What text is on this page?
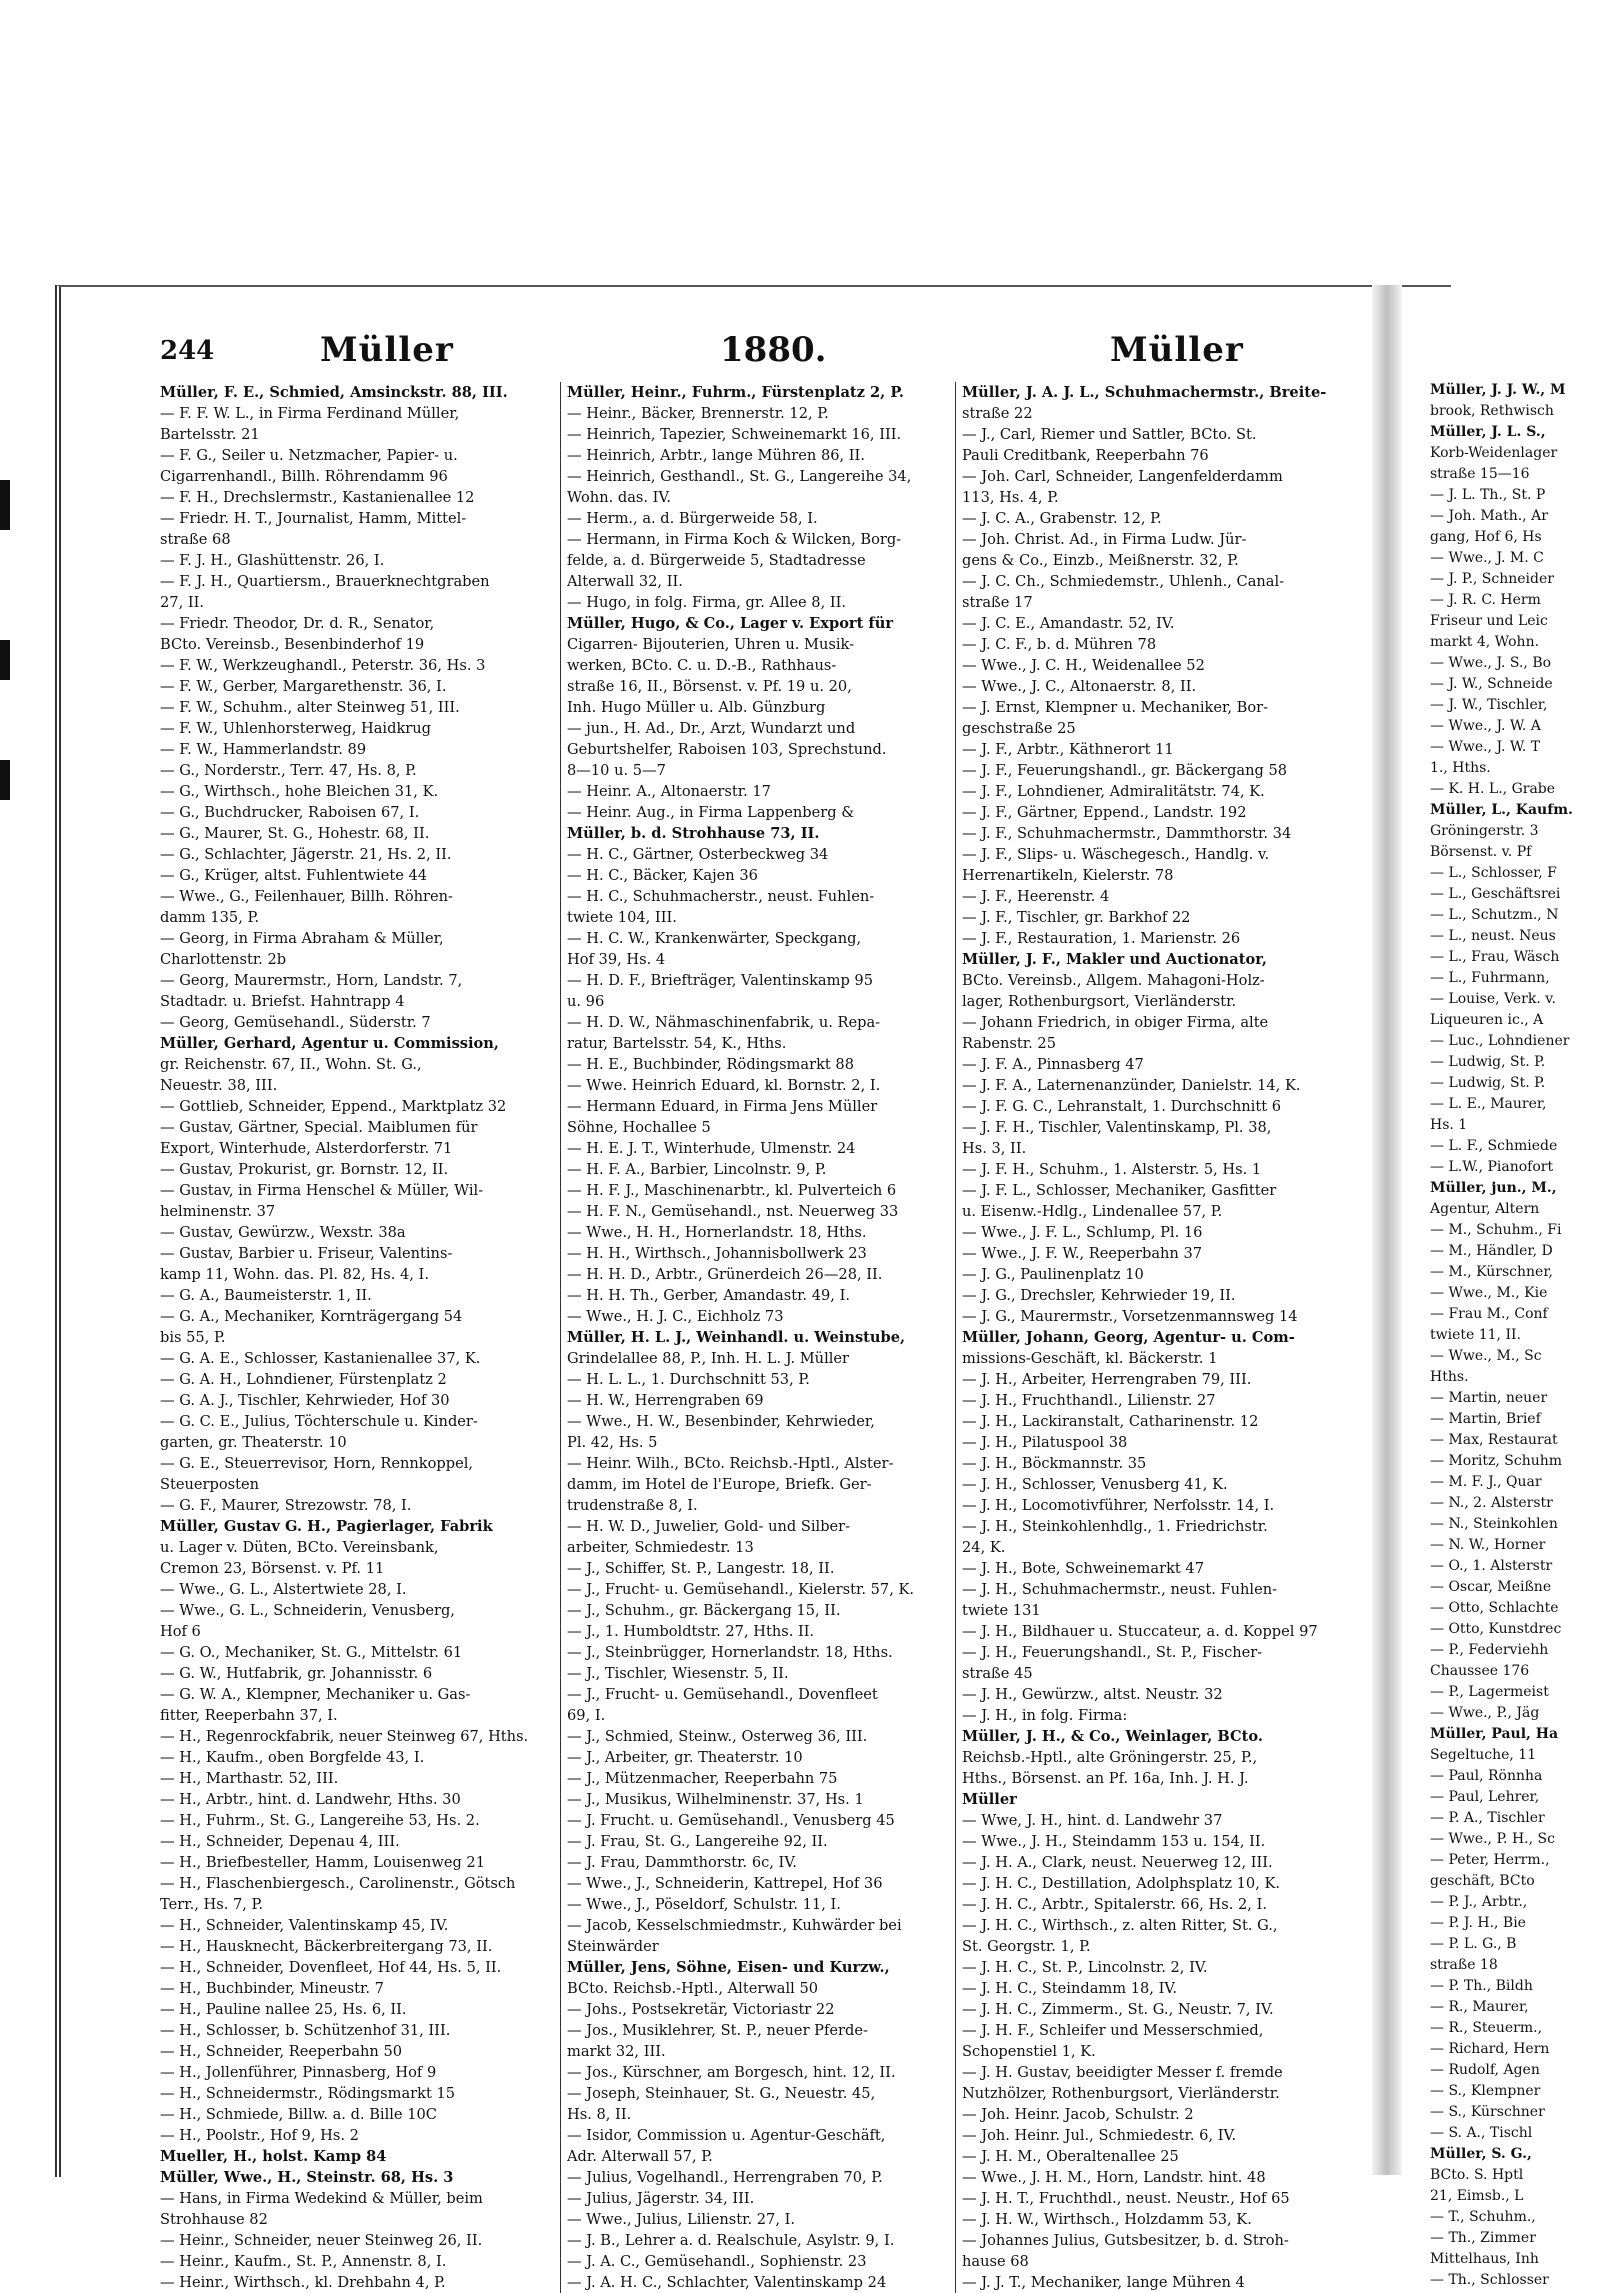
244	Müller	1880.	Müller
Müller, F. E., Schmied, Amsinckstr. 88, III.
— F. F. W. L., in Firma Ferdinand Müller,
Bartelsstr. 21
— F. G., Seiler u. Netzmacher, Papier- u.
Cigarrenhandl., Billh. Röhrendamm 96
— F. H., Drechslermstr., Kastanienallee 12
— Friedr. H. T., Journalist, Hamm, Mittel-
straße 68
— F. J. H., Glashüttenstr. 26, I.
— F. J. H., Quartiersm., Brauerknechtgraben
27, II.
— Friedr. Theodor, Dr. d. R., Senator,
BCto. Vereinsb., Besenbinderhof 19
— F. W., Werkzeughandl., Peterstr. 36, Hs. 3
— F. W., Gerber, Margarethenstr. 36, I.
— F. W., Schuhm., alter Steinweg 51, III.
— F. W., Uhlenhorsterweg, Haidkrug
— F. W., Hammerlandstr. 89
— G., Norderstr., Terr. 47, Hs. 8, P.
— G., Wirthsch., hohe Bleichen 31, K.
— G., Buchdrucker, Raboisen 67, I.
— G., Maurer, St. G., Hohestr. 68, II.
— G., Schlachter, Jägerstr. 21, Hs. 2, II.
— G., Krüger, altst. Fuhlentwiete 44
— Wwe., G., Feilenhauer, Billh. Röhren-
damm 135, P.
— Georg, in Firma Abraham & Müller,
Charlottenstr. 2b
— Georg, Maurermstr., Horn, Landstr. 7,
Stadtadr. u. Briefst. Hahntrapp 4
— Georg, Gemüsehandl., Süderstr. 7
Müller, Gerhard, Agentur u. Commission,
gr. Reichenstr. 67, II., Wohn. St. G.,
Neuestr. 38, III.
— Gottlieb, Schneider, Eppend., Marktplatz 32
— Gustav, Gärtner, Special. Maiblumen für
Export, Winterhude, Alsterdorferstr. 71
— Gustav, Prokurist, gr. Bornstr. 12, II.
— Gustav, in Firma Henschel & Müller, Wil-
helminenstr. 37
— Gustav, Gewürzw., Wexstr. 38a
— Gustav, Barbier u. Friseur, Valentins-
kamp 11, Wohn. das. Pl. 82, Hs. 4, I.
— G. A., Baumeisterstr. 1, II.
— G. A., Mechaniker, Kornträgergang 54
bis 55, P.
— G. A. E., Schlosser, Kastanienallee 37, K.
— G. A. H., Lohndiener, Fürstenplatz 2
— G. A. J., Tischler, Kehrwieder, Hof 30
— G. C. E., Julius, Töchterschule u. Kinder-
garten, gr. Theaterstr. 10
— G. E., Steuerrevisor, Horn, Rennkoppel,
Steuerposten
— G. F., Maurer, Strezowstr. 78, I.
Müller, Gustav G. H., Pagierlager, Fabrik
u. Lager v. Düten, BCto. Vereinsbank,
Cremon 23, Börsenst. v. Pf. 11
— Wwe., G. L., Alstertwiete 28, I.
— Wwe., G. L., Schneiderin, Venusberg,
Hof 6
— G. O., Mechaniker, St. G., Mittelstr. 61
— G. W., Hutfabrik, gr. Johannisstr. 6
— G. W. A., Klempner, Mechaniker u. Gas-
fitter, Reeperbahn 37, I.
— H., Regenrockfabrik, neuer Steinweg 67, Hths.
— H., Kaufm., oben Borgfelde 43, I.
— H., Marthastr. 52, III.
— H., Arbtr., hint. d. Landwehr, Hths. 30
— H., Fuhrm., St. G., Langereihe 53, Hs. 2.
— H., Schneider, Depenau 4, III.
— H., Briefbesteller, Hamm, Louisenweg 21
— H., Flaschenbiergesch., Carolinenstr., Götsch
Terr., Hs. 7, P.
— H., Schneider, Valentinskamp 45, IV.
— H., Hausknecht, Bäckerbreitergang 73, II.
— H., Schneider, Dovenfleet, Hof 44, Hs. 5, II.
— H., Buchbinder, Mineustr. 7
— H., Pauline nallee 25, Hs. 6, II.
— H., Schlosser, b. Schützenhof 31, III.
— H., Schneider, Reeperbahn 50
— H., Jollenführer, Pinnasberg, Hof 9
— H., Schneidermstr., Rödingsmarkt 15
— H., Schmiede, Billw. a. d. Bille 10C
— H., Poolstr., Hof 9, Hs. 2
Mueller, H., holst. Kamp 84
Müller, Wwe., H., Steinstr. 68, Hs. 3
— Hans, in Firma Wedekind & Müller, beim
Strohhause 82
— Heinr., Schneider, neuer Steinweg 26, II.
— Heinr., Kaufm., St. P., Annenstr. 8, I.
— Heinr., Wirthsch., kl. Drehbahn 4, P.
Müller, Heinr., Fuhrm., Fürstenplatz 2, P.
— Heinr., Bäcker, Brennerstr. 12, P.
— Heinrich, Tapezier, Schweinemarkt 16, III.
— Heinrich, Arbtr., lange Mühren 86, II.
— Heinrich, Gesthandl., St. G., Langereihe 34,
Wohn. das. IV.
— Herm., a. d. Bürgerweide 58, I.
— Hermann, in Firma Koch & Wilcken, Borg-
felde, a. d. Bürgerweide 5, Stadtadresse
Alterwall 32, II.
— Hugo, in folg. Firma, gr. Allee 8, II.
Müller, Hugo, & Co., Lager v. Export für
Cigarren- Bijouterien, Uhren u. Musik-
werken, BCto. C. u. D.-B., Rathhaus-
straße 16, II., Börsenst. v. Pf. 19 u. 20,
Inh. Hugo Müller u. Alb. Günzburg
— jun., H. Ad., Dr., Arzt, Wundarzt und
Geburtshelfer, Raboisen 103, Sprechstund.
8—10 u. 5—7
— Heinr. A., Altonaerstr. 17
— Heinr. Aug., in Firma Lappenberg &
Müller, b. d. Strohhause 73, II.
— H. C., Gärtner, Osterbeckweg 34
— H. C., Bäcker, Kajen 36
— H. C., Schuhmacherstr., neust. Fuhlen-
twiete 104, III.
— H. C. W., Krankenwärter, Speckgang,
Hof 39, Hs. 4
— H. D. F., Briefträger, Valentinskamp 95
u. 96
— H. D. W., Nähmaschinenfabrik, u. Repa-
ratur, Bartelsstr. 54, K., Hths.
— H. E., Buchbinder, Rödingsmarkt 88
— Wwe. Heinrich Eduard, kl. Bornstr. 2, I.
— Hermann Eduard, in Firma Jens Müller
Söhne, Hochallee 5
— H. E. J. T., Winterhude, Ulmenstr. 24
— H. F. A., Barbier, Lincolnstr. 9, P.
— H. F. J., Maschinenarbtr., kl. Pulverteich 6
— H. F. N., Gemüsehandl., nst. Neuerweg 33
— Wwe., H. H., Hornerlandstr. 18, Hths.
— H. H., Wirthsch., Johannisbollwerk 23
— H. H. D., Arbtr., Grünerdeich 26—28, II.
— H. H. Th., Gerber, Amandastr. 49, I.
— Wwe., H. J. C., Eichholz 73
Müller, H. L. J., Weinhandl. u. Weinstube,
Grindelallee 88, P., Inh. H. L. J. Müller
— H. L. L., 1. Durchschnitt 53, P.
— H. W., Herrengraben 69
— Wwe., H. W., Besenbinder, Kehrwieder,
Pl. 42, Hs. 5
— Heinr. Wilh., BCto. Reichsb.-Hptl., Alster-
damm, im Hotel de l'Europe, Briefk. Ger-
trudenstraße 8, I.
— H. W. D., Juwelier, Gold- und Silber-
arbeiter, Schmiedestr. 13
— J., Schiffer, St. P., Langestr. 18, II.
— J., Frucht- u. Gemüsehandl., Kielerstr. 57, K.
— J., Schuhm., gr. Bäckergang 15, II.
— J., 1. Humboldtstr. 27, Hths. II.
— J., Steinbrügger, Hornerlandstr. 18, Hths.
— J., Tischler, Wiesenstr. 5, II.
— J., Frucht- u. Gemüsehandl., Dovenfleet
69, I.
— J., Schmied, Steinw., Osterweg 36, III.
— J., Arbeiter, gr. Theaterstr. 10
— J., Mützenmacher, Reeperbahn 75
— J., Musikus, Wilhelminenstr. 37, Hs. 1
— J. Frucht. u. Gemüsehandl., Venusberg 45
— J. Frau, St. G., Langereihe 92, II.
— J. Frau, Dammthorstr. 6c, IV.
— Wwe., J., Schneiderin, Kattrepel, Hof 36
— Wwe., J., Pöseldorf, Schulstr. 11, I.
— Jacob, Kesselschmiedmstr., Kuhwärder bei
Steinwärder
Müller, Jens, Söhne, Eisen- und Kurzw.,
BCto. Reichsb.-Hptl., Alterwall 50
— Johs., Postsekretär, Victoriastr 22
— Jos., Musiklehrer, St. P., neuer Pferde-
markt 32, III.
— Jos., Kürschner, am Borgesch, hint. 12, II.
— Joseph, Steinhauer, St. G., Neuestr. 45,
Hs. 8, II.
— Isidor, Commission u. Agentur-Geschäft,
Adr. Alterwall 57, P.
— Julius, Vogelhandl., Herrengraben 70, P.
— Julius, Jägerstr. 34, III.
— Wwe., Julius, Lilienstr. 27, I.
— J. B., Lehrer a. d. Realschule, Asylstr. 9, I.
— J. A. C., Gemüsehandl., Sophienstr. 23
— J. A. H. C., Schlachter, Valentinskamp 24
Müller, J. A. J. L., Schuhmachermstr., Breite-
straße 22
— J., Carl, Riemer und Sattler, BCto. St.
Pauli Creditbank, Reeperbahn 76
— Joh. Carl, Schneider, Langenfelderdamm
113, Hs. 4, P.
— J. C. A., Grabenstr. 12, P.
— Joh. Christ. Ad., in Firma Ludw. Jür-
gens & Co., Einzb., Meißnerstr. 32, P.
— J. C. Ch., Schmiedemstr., Uhlenh., Canal-
straße 17
— J. C. E., Amandastr. 52, IV.
— J. C. F., b. d. Mühren 78
— Wwe., J. C. H., Weidenallee 52
— Wwe., J. C., Altonaerstr. 8, II.
— J. Ernst, Klempner u. Mechaniker, Bor-
geschstraße 25
— J. F., Arbtr., Käthnerort 11
— J. F., Feuerungshandl., gr. Bäckergang 58
— J. F., Lohndiener, Admiralitätstr. 74, K.
— J. F., Gärtner, Eppend., Landstr. 192
— J. F., Schuhmachermstr., Dammthorstr. 34
— J. F., Slips- u. Wäschegesch., Handlg. v.
Herrenartikeln, Kielerstr. 78
— J. F., Heerenstr. 4
— J. F., Tischler, gr. Barkhof 22
— J. F., Restauration, 1. Marienstr. 26
Müller, J. F., Makler und Auctionator,
BCto. Vereinsb., Allgem. Mahagoni-Holz-
lager, Rothenburgsort, Vierländerstr.
— Johann Friedrich, in obiger Firma, alte
Rabenstr. 25
— J. F. A., Pinnasberg 47
— J. F. A., Laternenanzünder, Danielstr. 14, K.
— J. F. G. C., Lehranstalt, 1. Durchschnitt 6
— J. F. H., Tischler, Valentinskamp, Pl. 38,
Hs. 3, II.
— J. F. H., Schuhm., 1. Alsterstr. 5, Hs. 1
— J. F. L., Schlosser, Mechaniker, Gasfitter
u. Eisenw.-Hdlg., Lindenallee 57, P.
— Wwe., J. F. L., Schlump, Pl. 16
— Wwe., J. F. W., Reeperbahn 37
— J. G., Paulinenplatz 10
— J. G., Drechsler, Kehrwieder 19, II.
— J. G., Maurermstr., Vorsetzenmannsweg 14
Müller, Johann, Georg, Agentur- u. Com-
missions-Geschäft, kl. Bäckerstr. 1
— J. H., Arbeiter, Herrengraben 79, III.
— J. H., Fruchthandl., Lilienstr. 27
— J. H., Lackiranstalt, Catharinenstr. 12
— J. H., Pilatuspool 38
— J. H., Böckmannstr. 35
— J. H., Schlosser, Venusberg 41, K.
— J. H., Locomotivführer, Nerfolsstr. 14, I.
— J. H., Steinkohlenhdlg., 1. Friedrichstr.
24, K.
— J. H., Bote, Schweinemarkt 47
— J. H., Schuhmachermstr., neust. Fuhlen-
twiete 131
— J. H., Bildhauer u. Stuccateur, a. d. Koppel 97
— J. H., Feuerungshandl., St. P., Fischer-
straße 45
— J. H., Gewürzw., altst. Neustr. 32
— J. H., in folg. Firma:
Müller, J. H., & Co., Weinlager, BCto.
Reichsb.-Hptl., alte Gröningerstr. 25, P.,
Hths., Börsenst. an Pf. 16a, Inh. J. H. J.
Müller
— Wwe, J. H., hint. d. Landwehr 37
— Wwe., J. H., Steindamm 153 u. 154, II.
— J. H. A., Clark, neust. Neuerweg 12, III.
— J. H. C., Destillation, Adolphsplatz 10, K.
— J. H. C., Arbtr., Spitalerstr. 66, Hs. 2, I.
— J. H. C., Wirthsch., z. alten Ritter, St. G.,
St. Georgstr. 1, P.
— J. H. C., St. P., Lincolnstr. 2, IV.
— J. H. C., Steindamm 18, IV.
— J. H. C., Zimmerm., St. G., Neustr. 7, IV.
— J. H. F., Schleifer und Messerschmied,
Schopenstiel 1, K.
— J. H. Gustav, beeidigter Messer f. fremde
Nutzhölzer, Rothenburgsort, Vierländerstr.
— Joh. Heinr. Jacob, Schulstr. 2
— Joh. Heinr. Jul., Schmiedestr. 6, IV.
— J. H. M., Oberaltenallee 25
— Wwe., J. H. M., Horn, Landstr. hint. 48
— J. H. T., Fruchthdl., neust. Neustr., Hof 65
— J. H. W., Wirthsch., Holzdamm 53, K.
— Johannes Julius, Gutsbesitzer, b. d. Stroh-
hause 68
— J. J. T., Mechaniker, lange Mühren 4
Müller, J. J. W., M
brook, Rethwisch
Müller, J. L. S.,
Korb-Weidenlager
straße 15—16
— J. L. Th., St. P
— Joh. Math., Ar
gang, Hof 6, Hs
— Wwe., J. M. C
— J. P., Schneider
— J. R. C. Herm
Friseur und Leic
markt 4, Wohn.
— Wwe., J. S., Bo
— J. W., Schneide
— J. W., Tischler,
— Wwe., J. W. A
— Wwe., J. W. T
1., Hths.
— K. H. L., Grabe
Müller, L., Kaufm.
Gröningerstr. 3
Börsenst. v. Pf
— L., Schlosser, F
— L., Geschäftsrei
— L., Schutzm., N
— L., neust. Neus
— L., Frau, Wäsch
— L., Fuhrmann,
— Louise, Verk. v.
Liqueuren ic., A
— Luc., Lohndiener
— Ludwig, St. P.
— Ludwig, St. P.
— L. E., Maurer,
Hs. 1
— L. F., Schmiede
— L.W., Pianofort
Müller, jun., M.,
Agentur, Altern
— M., Schuhm., Fi
— M., Händler, D
— M., Kürschner,
— Wwe., M., Kie
— Frau M., Conf
twiete 11, II.
— Wwe., M., Sc
Hths.
— Martin, neuer
— Martin, Brief
— Max, Restaurat
— Moritz, Schuhm
— M. F. J., Quar
— N., 2. Alsterstr
— N., Steinkohlen
— N. W., Horner
— O., 1. Alsterstr
— Oscar, Meißne
— Otto, Schlachte
— Otto, Kunstdrec
— P., Federviehh
Chaussee 176
— P., Lagermeist
— Wwe., P., Jäg
Müller, Paul, Ha
Segeltuche, 11
— Paul, Rönnha
— Paul, Lehrer,
— P. A., Tischler
— Wwe., P. H., Sc
— Peter, Herrm.,
geschäft, BCto
— P. J., Arbtr.,
— P. J. H., Bie
— P. L. G., B
straße 18
— P. Th., Bildh
— R., Maurer,
— R., Steuerm.,
— Richard, Hern
— Rudolf, Agen
— S., Klempner
— S., Kürschner
— S. A., Tischl
Müller, S. G.,
BCto. S. Hptl
21, Eimsb., L
— T., Schuhm.,
— Th., Zimmer
Mittelhaus, Inh
— Th., Schlosser
